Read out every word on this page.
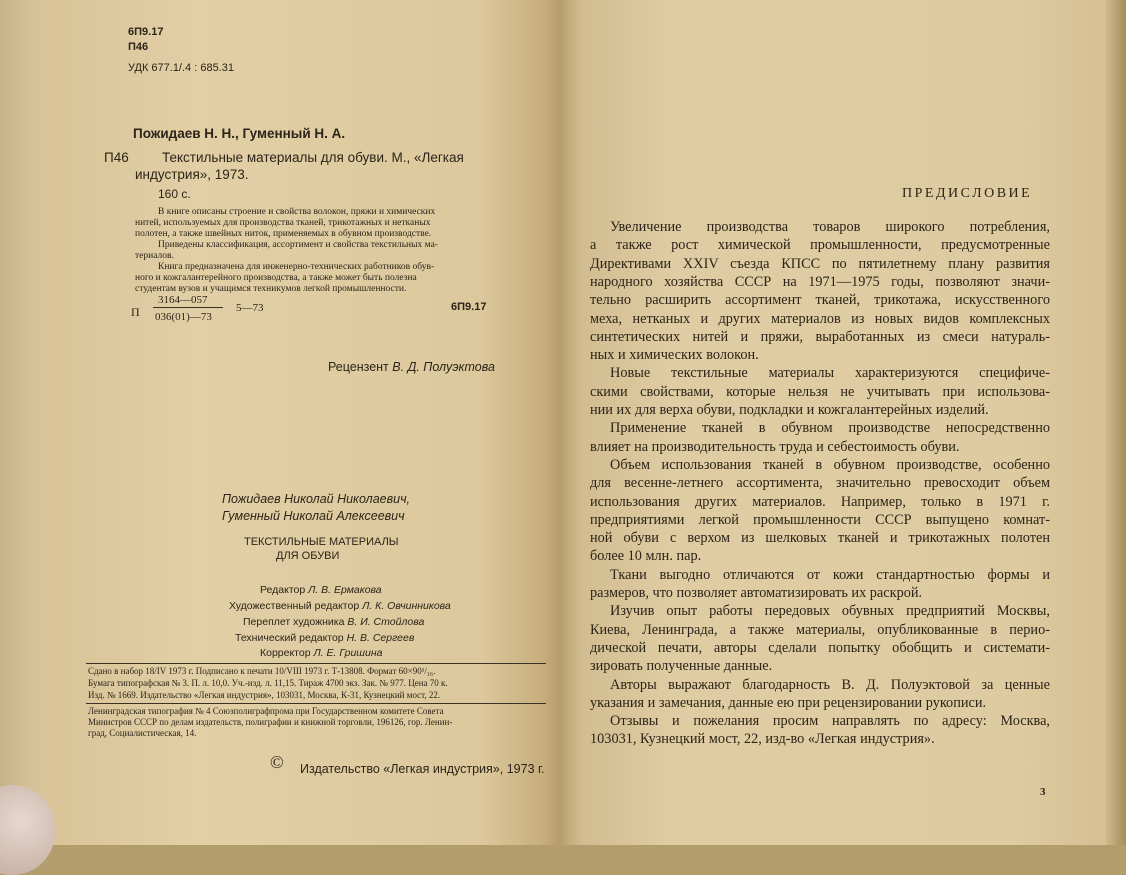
6П9.17
П46
УДК 677.1/.4 : 685.31
Пожидаев Н. Н., Гуменный Н. А.
П46 Текстильные материалы для обуви. М., «Легкая
индустрия», 1973.
160 с.
В книге описаны строение и свойства волокон, пряжи и химических
нитей, используемых для производства тканей, трикотажных и нетканых
полотен, а также швейных ниток, применяемых в обувном производстве.
Приведены классификация, ассортимент и свойства текстильных ма-
териалов.
Книга предназначена для инженерно-технических работников обув-
ного и кожгалантерейного производства, а также может быть полезна
студентам вузов и учащимся техникумов легкой промышленности.
П
3164—057
036(01)—73
5—73	6П9.17
Рецензент В. Д. Полуэктова
Пожидаев Николай Николаевич,
Гуменный Николай Алексеевич
ТЕКСТИЛЬНЫЕ МАТЕРИАЛЫ
ДЛЯ ОБУВИ
Редактор Л. В. Ермакова
Художественный редактор Л. К. Овчинникова
Переплет художника В. И. Стойлова
Технический редактор Н. В. Сергеев
Корректор Л. Е. Гришина
Сдано в набор 18/IV 1973 г. Подписано к печати 10/VIII 1973 г. Т-13808. Формат 60×90¹/₁₆.
Бумага типографская № 3. П. л. 10,0. Уч.-изд. л. 11,15. Тираж 4700 экз. Зак. № 977. Цена 70 к.
Изд. № 1669. Издательство «Легкая индустрия», 103031, Москва, К-31, Кузнецкий мост, 22.
Ленинградская типография № 4 Союзполиграфпрома при Государственном комитете Совета
Министров СССР по делам издательств, полиграфии и книжной торговли, 196126, гор. Ленин-
град, Социалистическая, 14.
© Издательство «Легкая индустрия», 1973 г.
ПРЕДИСЛОВИЕ
Увеличение производства товаров широкого потребления,
а также рост химической промышленности, предусмотренные
Директивами XXIV съезда КПСС по пятилетнему плану развития
народного хозяйства СССР на 1971—1975 годы, позволяют значи-
тельно расширить ассортимент тканей, трикотажа, искусственного
меха, нетканых и других материалов из новых видов комплексных
синтетических нитей и пряжи, выработанных из смеси натураль-
ных и химических волокон.
Новые текстильные материалы характеризуются специфиче-
скими свойствами, которые нельзя не учитывать при использова-
нии их для верха обуви, подкладки и кожгалантерейных изделий.
Применение тканей в обувном производстве непосредственно
влияет на производительность труда и себестоимость обуви.
Объем использования тканей в обувном производстве, особенно
для весенне-летнего ассортимента, значительно превосходит объем
использования других материалов. Например, только в 1971 г.
предприятиями легкой промышленности СССР выпущено комнат-
ной обуви с верхом из шелковых тканей и трикотажных полотен
более 10 млн. пар.
Ткани выгодно отличаются от кожи стандартностью формы и
размеров, что позволяет автоматизировать их раскрой.
Изучив опыт работы передовых обувных предприятий Москвы,
Киева, Ленинграда, а также материалы, опубликованные в перио-
дической печати, авторы сделали попытку обобщить и системати-
зировать полученные данные.
Авторы выражают благодарность В. Д. Полуэктовой за ценные
указания и замечания, данные ею при рецензировании рукописи.
Отзывы и пожелания просим направлять по адресу: Москва,
103031, Кузнецкий мост, 22, изд-во «Легкая индустрия».
3
